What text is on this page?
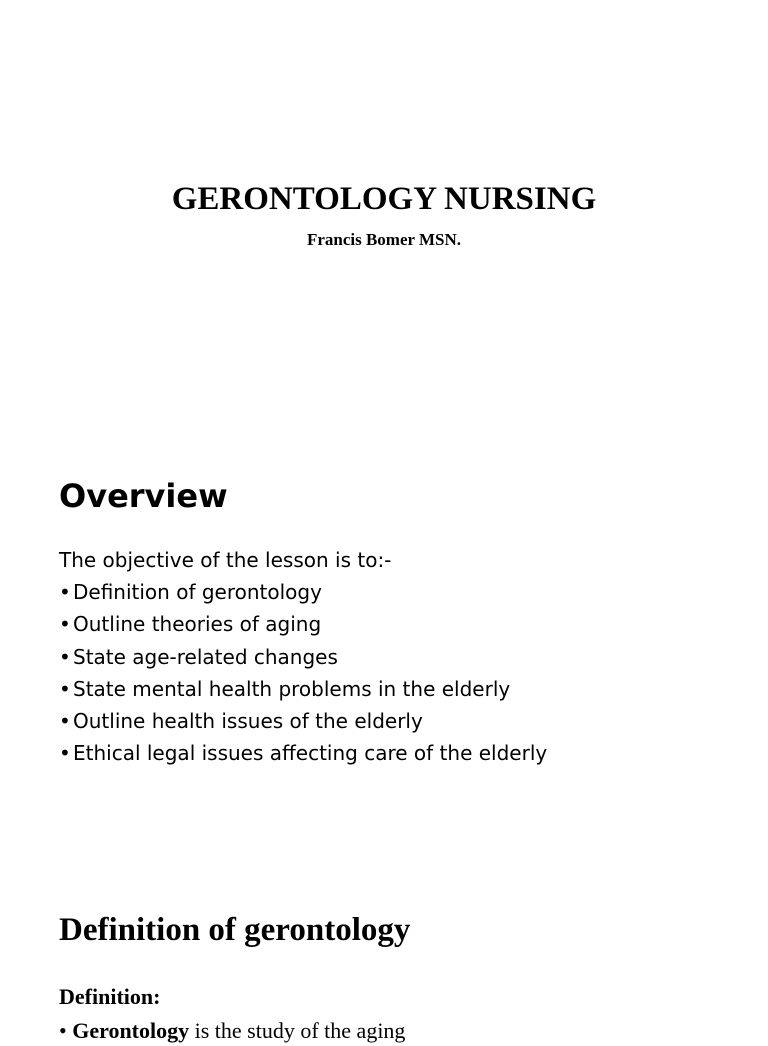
GERONTOLOGY NURSING

Francis Bomer MSN.

Overview

The objective of the lesson is to:-

• Definition of gerontology
• Outline theories of aging
• State age-related changes
• State mental health problems in the elderly
• Outline health issues of the elderly
• Ethical legal issues affecting care of the elderly
Definition of gerontology

Definition:

• Gerontology is the study of the aging
